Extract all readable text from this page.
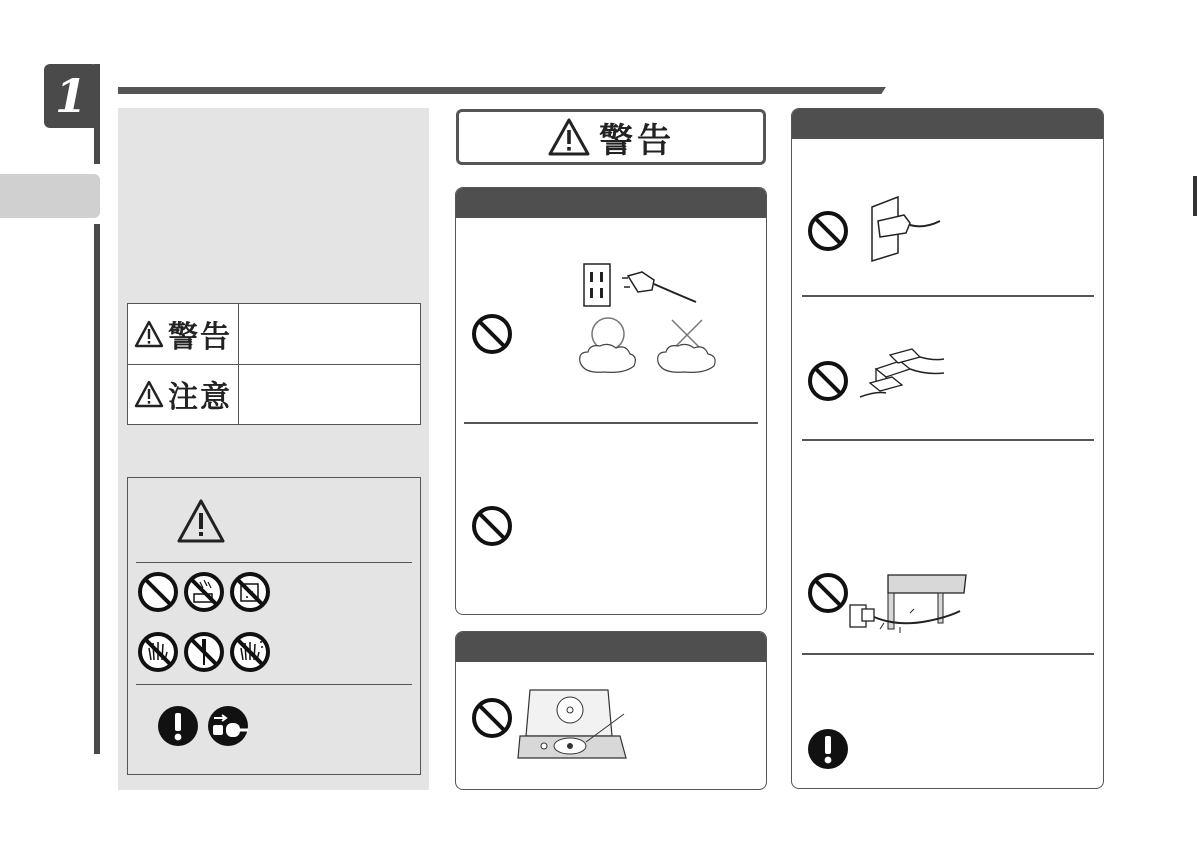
1
警告
注意
警告
